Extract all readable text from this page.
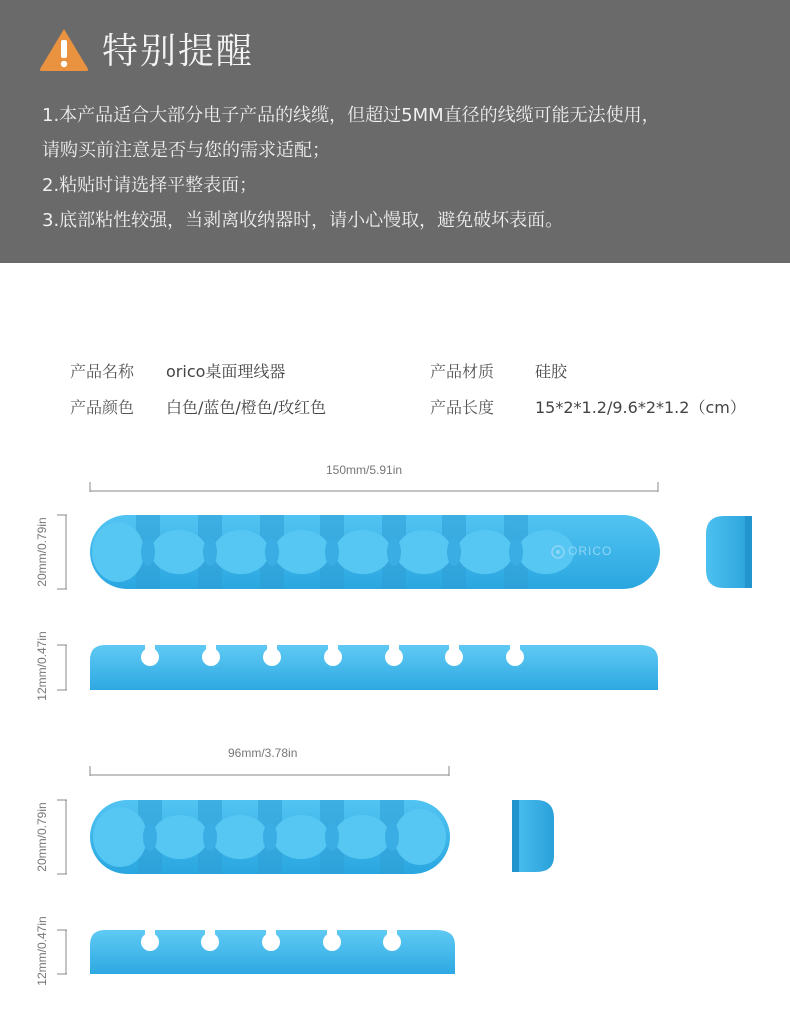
特别提醒
1.本产品适合大部分电子产品的线缆，但超过5MM直径的线缆可能无法使用，
请购买前注意是否与您的需求适配；
2.粘贴时请选择平整表面；
3.底部粘性较强，当剥离收纳器时，请小心慢取，避免破坏表面。
产品名称 orico桌面理线器	产品材质	硅胶
产品颜色 白色/蓝色/橙色/玫红色	产品长度	15*2*1.2/9.6*2*1.2（cm）
ORICO
150mm/5.91in
20mm/0.79in
12mm/0.47in
96mm/3.78in
20mm/0.79in
12mm/0.47in
